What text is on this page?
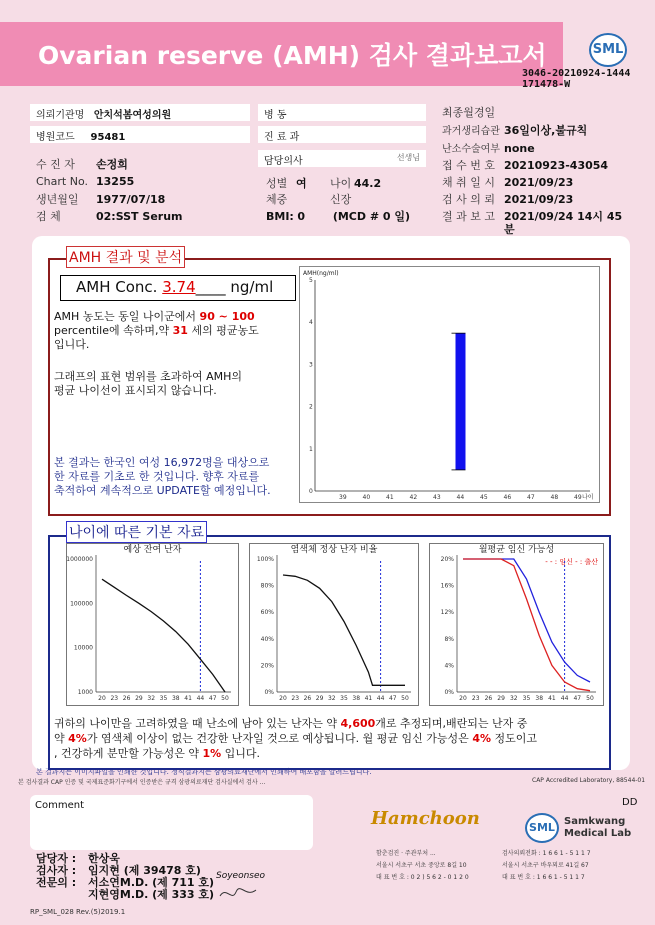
Ovarian reserve (AMH) 검사 결과보고서	SML
3046-20210924-1444
171478-W
의뢰기관명 안치석봄여성의원
병원코드 95481
수 진 자 손정희
Chart No. 13255
생년월일 1977/07/18
검 체	02:SST Serum
병 동
진 료 과
담당의사	선생님
성별 여 나이 44.2
체중	신장
BMI: 0	(MCD # 0 일)
최종월경일
과거생리습관 36일이상,불규칙
난소수술여부 none
접 수 번 호 20210923-43054
채 취 일 시 2021/09/23
검 사 의 뢰 2021/09/23
결 과 보 고 2021/09/24 14시 45
분
AMH 결과 및 분석
AMH Conc. 3.74____ ng/ml
AMH 농도는 동일 나이군에서 90 ~ 100
percentile에 속하며,약 31 세의 평균농도
입니다.
그래프의 표현 범위를 초과하여 AMH의
평균 나이선이 표시되지 않습니다.
본 결과는 한국인 여성 16,972명을 대상으로
한 자료를 기초로 한 것입니다. 향후 자료를
축적하여 계속적으로 UPDATE할 예정입니다.
AMH(ng/ml)
0
1
2
3
4
5
39	40	41	42	43	44	45	46	47	48	49 나이
나이에 따른 기본 자료
예상 잔여 난자
1000000
100000
10000
1000
20 23 26 29 32 35 38 41 44 47 50
염색체 정상 난자 비율
100%
80%
60%
40%
20%
0%
20 23 26 29 32 35 38 41 44 47 50
월평균 임신 가능성
- - : 임신 - : 출산
20%
16%
12%
8%
4%
0%
20 23 26 29 32 35 38 41 44 47 50
귀하의 나이만을 고려하였을 때 난소에 남아 있는 난자는 약 4,600개로 추정되며,배란되는 난자 중
약 4%가 염색체 이상이 없는 건강한 난자일 것으로 예상됩니다. 월 평균 임신 가능성은 4% 정도이고
, 건강하게 분만할 가능성은 약 1% 입니다.
본 결과지는 이미지파일을 인쇄한 것입니다. 정식결과지는 삼광의료재단에서 인쇄하여 배포함을 알려드립니다.
본 검사결과 CAP 인증 및 국제표준화기구에서 인증받은 규격 삼광의료재단 검사실에서 검사 ...	CAP Accredited Laboratory, 88544-01
Comment	DD
담당자 : 한상욱
검사자 : 임지현 (제 39478 호)
전문의 : 서소연M.D. (제 711 호)
지현영M.D. (제 333 호)
Soyeonseo
Hamchoon
함춘검진 · 주관부처 ...
서울시 서초구 서초 중앙로 8길 10
대 표 번 호 : 0 2 ) 5 6 2 - 0 1 2 0
SML Samkwang
Medical Lab
검사의뢰전화 : 1 6 6 1 - 5 1 1 7
서울시 서초구 바우뫼로 41길 67
대 표 번 호 : 1 6 6 1 - 5 1 1 7
RP_SML_028 Rev.(5)2019.1
